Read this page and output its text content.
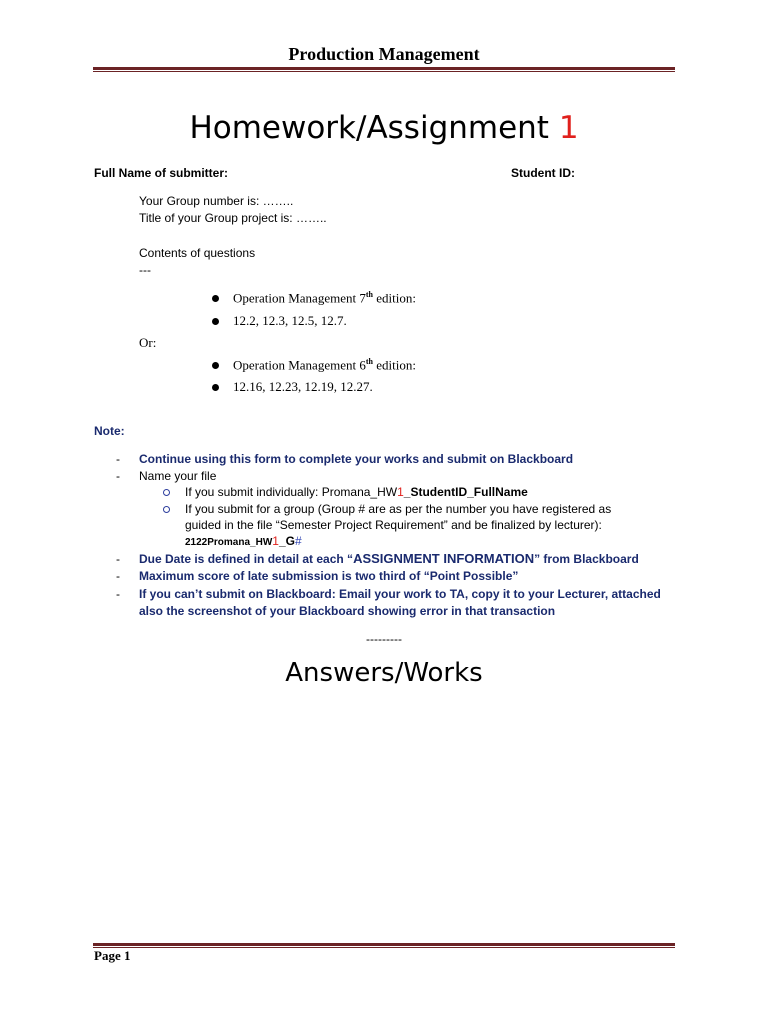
Production Management
Homework/Assignment 1
Full Name of submitter:	Student ID:
Your Group number is: ……..
Title of your Group project is: ……..
Contents of questions
---
Operation Management 7th edition:
12.2, 12.3, 12.5, 12.7.
Or:
Operation Management 6th edition:
12.16, 12.23, 12.19, 12.27.
Note:
- Continue using this form to complete your works and submit on Blackboard
- Name your file
If you submit individually: Promana_HW1_StudentID_FullName
If you submit for a group (Group # are as per the number you have registered as
guided in the file “Semester Project Requirement” and be finalized by lecturer):
2122Promana_HW1_G#
- Due Date is defined in detail at each “ASSIGNMENT INFORMATION” from Blackboard
- Maximum score of late submission is two third of “Point Possible”
- If you can’t submit on Blackboard: Email your work to TA, copy it to your Lecturer, attached
also the screenshot of your Blackboard showing error in that transaction
---------
Answers/Works
Page 1
